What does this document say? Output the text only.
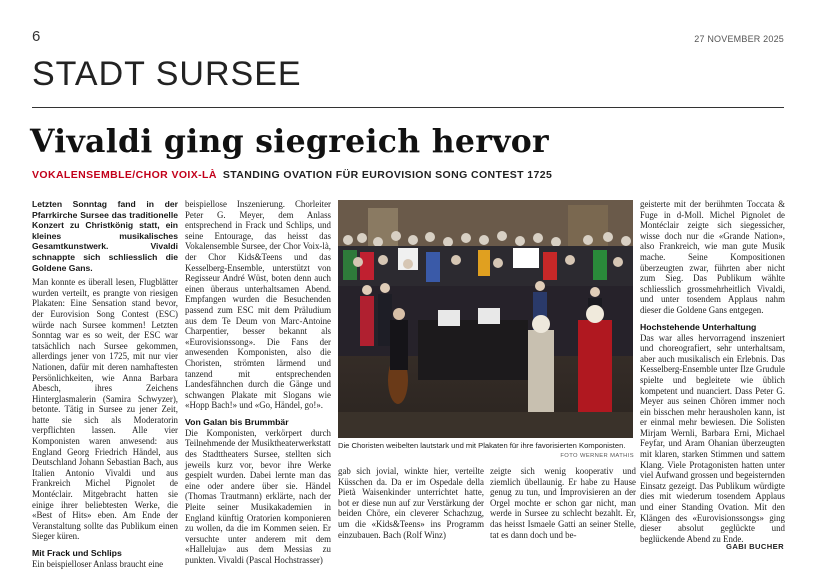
6	27 NOVEMBER 2025
STADT SURSEE
Vivaldi ging siegreich hervor
VOKALENSEMBLE/CHOR VOIX-LÀ STANDING OVATION FÜR EUROVISION SONG CONTEST 1725

Letzten Sonntag fand in der Pfarrkirche Sursee das traditionelle Konzert zu Christkönig statt, ein kleines musikalisches Gesamtkunstwerk. Vivaldi schnappte sich schliesslich die Goldene Gans.

Man konnte es überall lesen, Flugblätter wurden verteilt, es prangte von riesigen Plakaten: Eine Sensation stand bevor, der Eurovision Song Contest (ESC) würde nach Sursee kommen! Letzten Sonntag war es so weit, der ESC war tatsächlich nach Sursee gekommen, allerdings jener von 1725, mit nur vier Nationen, dafür mit deren namhaftesten Persönlichkeiten, wie Anna Barbara Abesch, ihres Zeichens Hinterglasmalerin (Samira Schwyzer), betonte. Tätig in Sursee zu jener Zeit, hatte sie sich als Moderatorin verpflichten lassen. Alle vier Komponisten waren anwesend: aus England Georg Friedrich Händel, aus Deutschland Johann Sebastian Bach, aus Italien Antonio Vivaldi und aus Frankreich Michel Pignolet de Montéclair. Mitgebracht hatten sie einige ihrer beliebtesten Werke, die «Best of Hits» eben. Am Ende der Veranstaltung sollte das Publikum einen Sieger küren.

Mit Frack und Schlips

Ein beispielloser Anlass braucht eine

beispiellose Inszenierung. Chorleiter Peter G. Meyer, dem Anlass entsprechend in Frack und Schlips, und seine Entourage, das heisst das Vokalensemble Sursee, der Chor Voix-là, der Chor Kids&Teens und das Kesselberg-Ensemble, unterstützt von Regisseur André Wüst, boten denn auch einen überaus unterhaltsamen Abend. Empfangen wurden die Besuchenden passend zum ESC mit dem Präludium aus dem Te Deum von Marc-Antoine Charpentier, besser bekannt als «Eurovisionssong». Die Fans der anwesenden Komponisten, also die Choristen, strömten lärmend und tanzend mit entsprechenden Landesfähnchen durch die Gänge und schwangen Plakate mit Slogans wie «Hopp Bach!» und «Go, Händel, go!».

Von Galan bis Brummbär

Die Komponisten, verkörpert durch Teilnehmende der Musiktheaterwerkstatt des Stadttheaters Sursee, stellten sich jeweils kurz vor, bevor ihre Werke gespielt wurden. Dabei lernte man das eine oder andere über sie. Händel (Thomas Trautmann) erklärte, nach der Pleite seiner Musikakademien in England künftig Oratorien komponieren zu wollen, da die im Kommen seien. Er versuchte unter anderem mit dem «Halleluja» aus dem Messias zu punkten. Vivaldi (Pascal Hochstrasser)

Die Choristen weibelten lautstark und mit Plakaten für ihre favorisierten Komponisten.
FOTO WERNER MATHIS

gab sich jovial, winkte hier, verteilte Küsschen da. Da er im Ospedale della Pietà Waisenkinder unterrichtet hatte, bot er diese nun auf zur Verstärkung der beiden Chöre, ein cleverer Schachzug, um die «Kids&Teens» ins Programm einzubauen. Bach (Rolf Winz)

zeigte sich wenig kooperativ und ziemlich übellaunig. Er habe zu Hause genug zu tun, und Improvisieren an der Orgel mochte er schon gar nicht, man werde in Sursee zu schlecht bezahlt. Er, das heisst Ismaele Gatti an seiner Stelle, tat es dann doch und be-

geisterte mit der berühmten Toccata & Fuge in d-Moll. Michel Pignolet de Montéclair zeigte sich siegessicher, wisse doch nur die «Grande Nation», also Frankreich, wie man gute Musik mache. Seine Kompositionen überzeugten zwar, führten aber nicht zum Sieg. Das Publikum wählte schliesslich grossmehrheitlich Vivaldi, und unter tosendem Applaus nahm dieser die Goldene Gans entgegen.

Hochstehende Unterhaltung

Das war alles hervorragend inszeniert und choreografiert, sehr unterhaltsam, aber auch musikalisch ein Erlebnis. Das Kesselberg-Ensemble unter Ilze Grudule spielte und begleitete wie üblich kompetent und nuanciert. Dass Peter G. Meyer aus seinen Chören immer noch ein bisschen mehr herausholen kann, ist er einmal mehr bewiesen. Die Solisten Mirjam Wernli, Barbara Erni, Michael Feyfar, und Aram Ohanian überzeugten mit klaren, starken Stimmen und sattem Klang. Viele Protagonisten hatten unter viel Aufwand grossen und begeisternden Einsatz gezeigt. Das Publikum würdigte dies mit wiederum tosendem Applaus und einer Standing Ovation. Mit den Klängen des «Eurovisionssongs» ging dieser absolut geglückte und beglückende Abend zu Ende.

GABI BUCHER
